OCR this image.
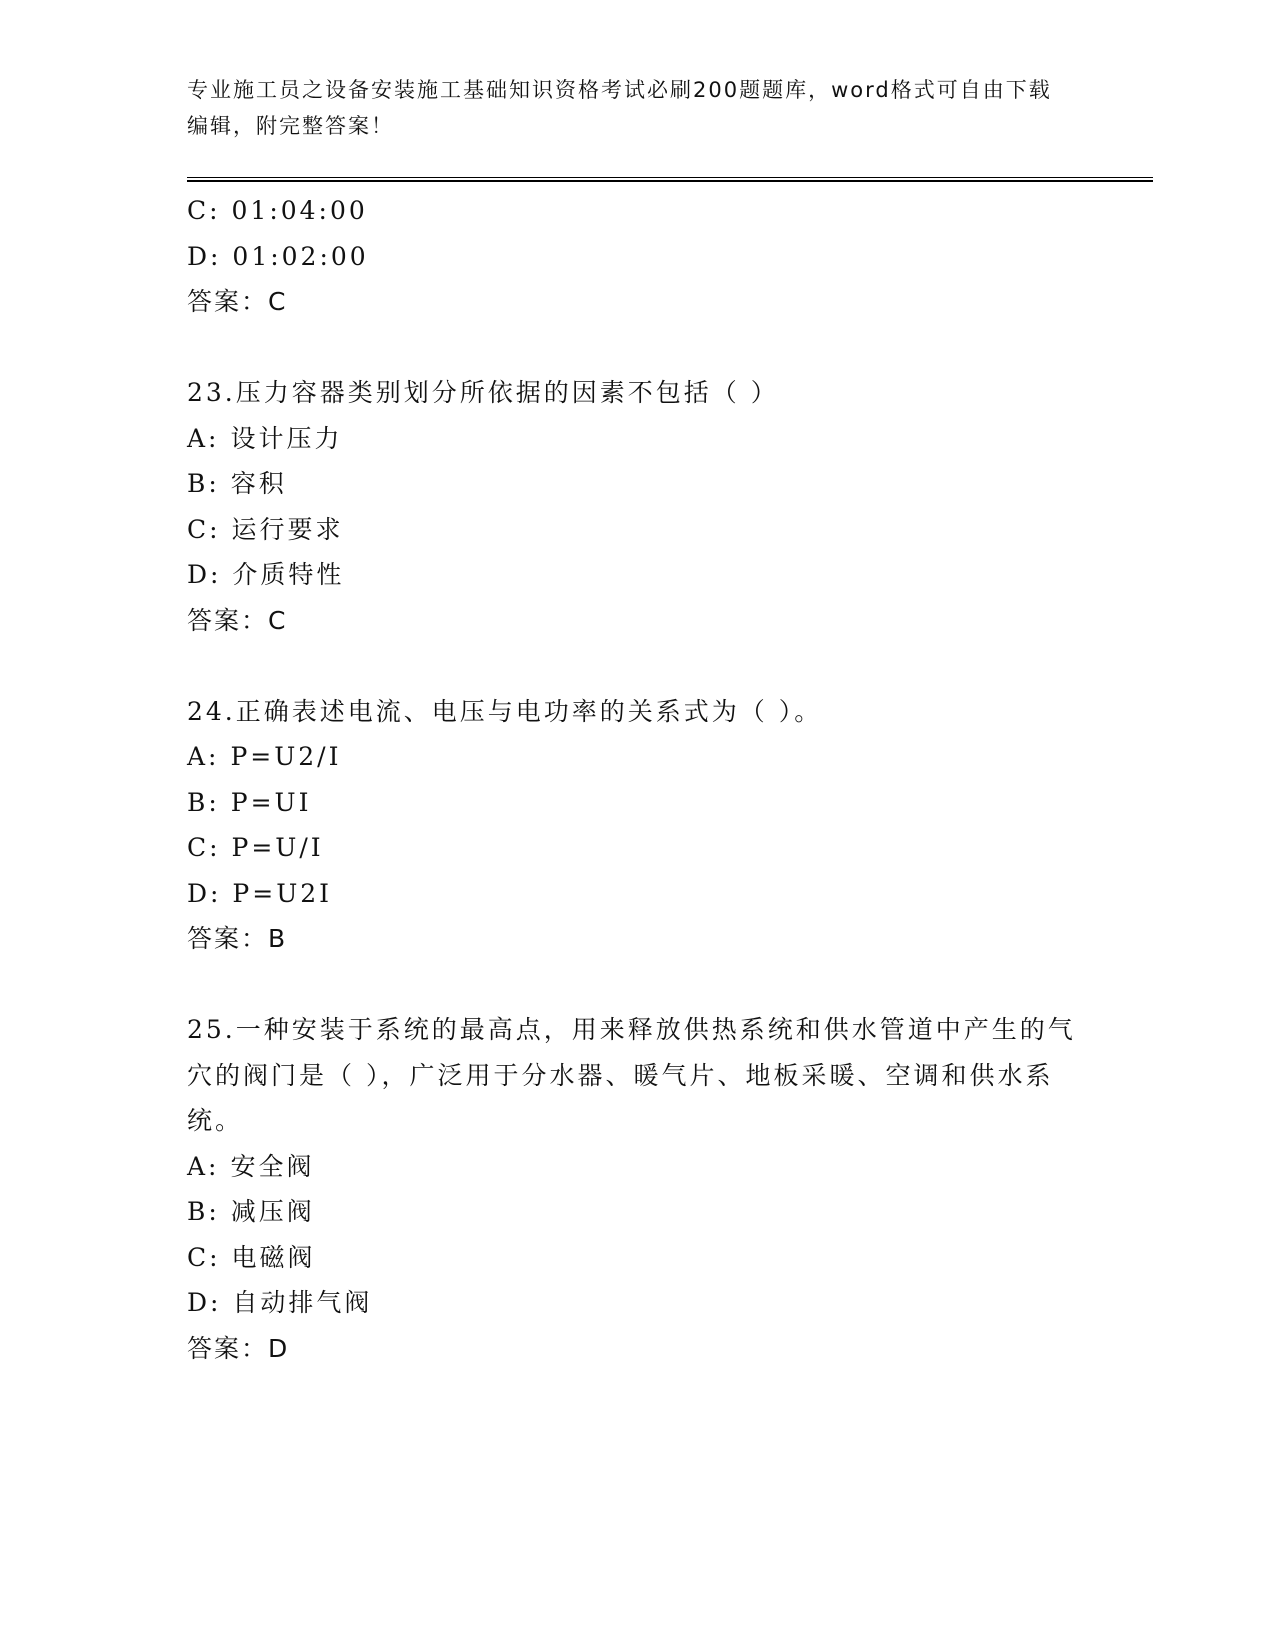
专业施工员之设备安装施工基础知识资格考试必刷200题题库，word格式可自由下载编辑，附完整答案！
C: 01:04:00
D: 01:02:00
答案：C
23.压力容器类别划分所依据的因素不包括（ ）
A: 设计压力
B: 容积
C: 运行要求
D: 介质特性
答案：C
24.正确表述电流、电压与电功率的关系式为（ ）。
A: P=U2/I
B: P=UI
C: P=U/I
D: P=U2I
答案：B
25.一种安装于系统的最高点，用来释放供热系统和供水管道中产生的气穴的阀门是（ ），广泛用于分水器、暖气片、地板采暖、空调和供水系统。
A: 安全阀
B: 减压阀
C: 电磁阀
D: 自动排气阀
答案：D
